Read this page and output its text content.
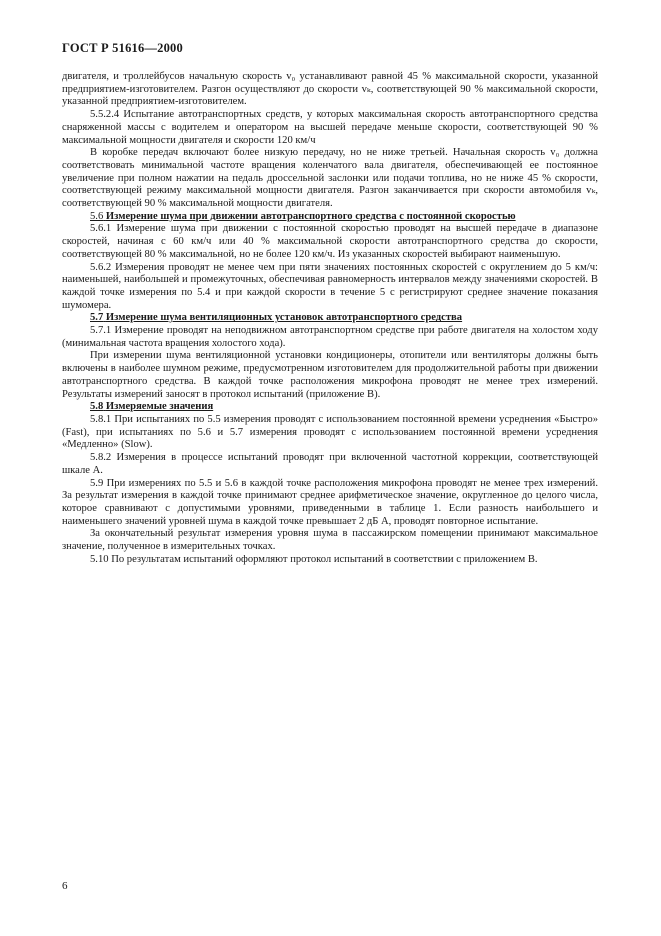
ГОСТ Р 51616—2000

двигателя, и троллейбусов начальную скорость v₀ устанавливают равной 45 % максимальной скорости, указанной предприятием-изготовителем. Разгон осуществляют до скорости vₖ, соответствующей 90 % максимальной скорости, указанной предприятием-изготовителем.

5.5.2.4 Испытание автотранспортных средств, у которых максимальная скорость автотранспортного средства снаряженной массы с водителем и оператором на высшей передаче меньше скорости, соответствующей 90 % максимальной мощности двигателя и скорости 120 км/ч

В коробке передач включают более низкую передачу, но не ниже третьей. Начальная скорость v₀ должна соответствовать минимальной частоте вращения коленчатого вала двигателя, обеспечивающей ее постоянное увеличение при полном нажатии на педаль дроссельной заслонки или подачи топлива, но не ниже 45 % скорости, соответствующей режиму максимальной мощности двигателя. Разгон заканчивается при скорости автомобиля vₖ, соответствующей 90 % максимальной мощности двигателя.

5.6 Измерение шума при движении автотранспортного средства с постоянной скоростью

5.6.1 Измерение шума при движении с постоянной скоростью проводят на высшей передаче в диапазоне скоростей, начиная с 60 км/ч или 40 % максимальной скорости автотранспортного средства до скорости, соответствующей 80 % максимальной, но не более 120 км/ч. Из указанных скоростей выбирают наименьшую.

5.6.2 Измерения проводят не менее чем при пяти значениях постоянных скоростей с округлением до 5 км/ч: наименьшей, наибольшей и промежуточных, обеспечивая равномерность интервалов между значениями скоростей. В каждой точке измерения по 5.4 и при каждой скорости в течение 5 с регистрируют среднее значение показания шумомера.

5.7 Измерение шума вентиляционных установок автотранспортного средства

5.7.1 Измерение проводят на неподвижном автотранспортном средстве при работе двигателя на холостом ходу (минимальная частота вращения холостого хода).

При измерении шума вентиляционной установки кондиционеры, отопители или вентиляторы должны быть включены в наиболее шумном режиме, предусмотренном изготовителем для продолжительной работы при движении автотранспортного средства. В каждой точке расположения микрофона проводят не менее трех измерений. Результаты измерений заносят в протокол испытаний (приложение В).

5.8 Измеряемые значения

5.8.1 При испытаниях по 5.5 измерения проводят с использованием постоянной времени усреднения «Быстро» (Fast), при испытаниях по 5.6 и 5.7 измерения проводят с использованием постоянной времени усреднения «Медленно» (Slow).

5.8.2 Измерения в процессе испытаний проводят при включенной частотной коррекции, соответствующей шкале А.

5.9 При измерениях по 5.5 и 5.6 в каждой точке расположения микрофона проводят не менее трех измерений. За результат измерения в каждой точке принимают среднее арифметическое значение, округленное до целого числа, которое сравнивают с допустимыми уровнями, приведенными в таблице 1. Если разность наибольшего и наименьшего значений уровней шума в каждой точке превышает 2 дБ А, проводят повторное испытание.

За окончательный результат измерения уровня шума в пассажирском помещении принимают максимальное значение, полученное в измерительных точках.

5.10 По результатам испытаний оформляют протокол испытаний в соответствии с приложением В.

6
